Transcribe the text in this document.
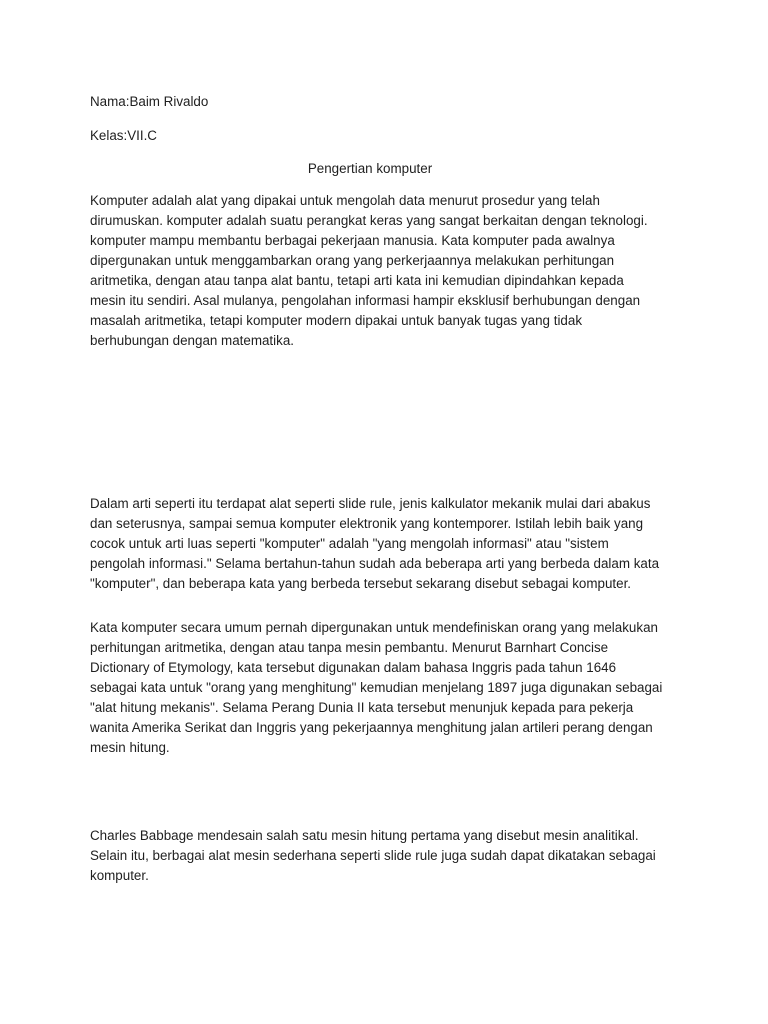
Nama:Baim Rivaldo

Kelas:VII.C

Pengertian komputer

Komputer adalah alat yang dipakai untuk mengolah data menurut prosedur yang telah
dirumuskan. komputer adalah suatu perangkat keras yang sangat berkaitan dengan teknologi.
komputer mampu membantu berbagai pekerjaan manusia. Kata komputer pada awalnya
dipergunakan untuk menggambarkan orang yang perkerjaannya melakukan perhitungan
aritmetika, dengan atau tanpa alat bantu, tetapi arti kata ini kemudian dipindahkan kepada
mesin itu sendiri. Asal mulanya, pengolahan informasi hampir eksklusif berhubungan dengan
masalah aritmetika, tetapi komputer modern dipakai untuk banyak tugas yang tidak
berhubungan dengan matematika.

Dalam arti seperti itu terdapat alat seperti slide rule, jenis kalkulator mekanik mulai dari abakus
dan seterusnya, sampai semua komputer elektronik yang kontemporer. Istilah lebih baik yang
cocok untuk arti luas seperti "komputer" adalah "yang mengolah informasi" atau "sistem
pengolah informasi." Selama bertahun-tahun sudah ada beberapa arti yang berbeda dalam kata
"komputer", dan beberapa kata yang berbeda tersebut sekarang disebut sebagai komputer.

Kata komputer secara umum pernah dipergunakan untuk mendefiniskan orang yang melakukan
perhitungan aritmetika, dengan atau tanpa mesin pembantu. Menurut Barnhart Concise
Dictionary of Etymology, kata tersebut digunakan dalam bahasa Inggris pada tahun 1646
sebagai kata untuk "orang yang menghitung" kemudian menjelang 1897 juga digunakan sebagai
"alat hitung mekanis". Selama Perang Dunia II kata tersebut menunjuk kepada para pekerja
wanita Amerika Serikat dan Inggris yang pekerjaannya menghitung jalan artileri perang dengan
mesin hitung.

Charles Babbage mendesain salah satu mesin hitung pertama yang disebut mesin analitikal.
Selain itu, berbagai alat mesin sederhana seperti slide rule juga sudah dapat dikatakan sebagai
komputer.
